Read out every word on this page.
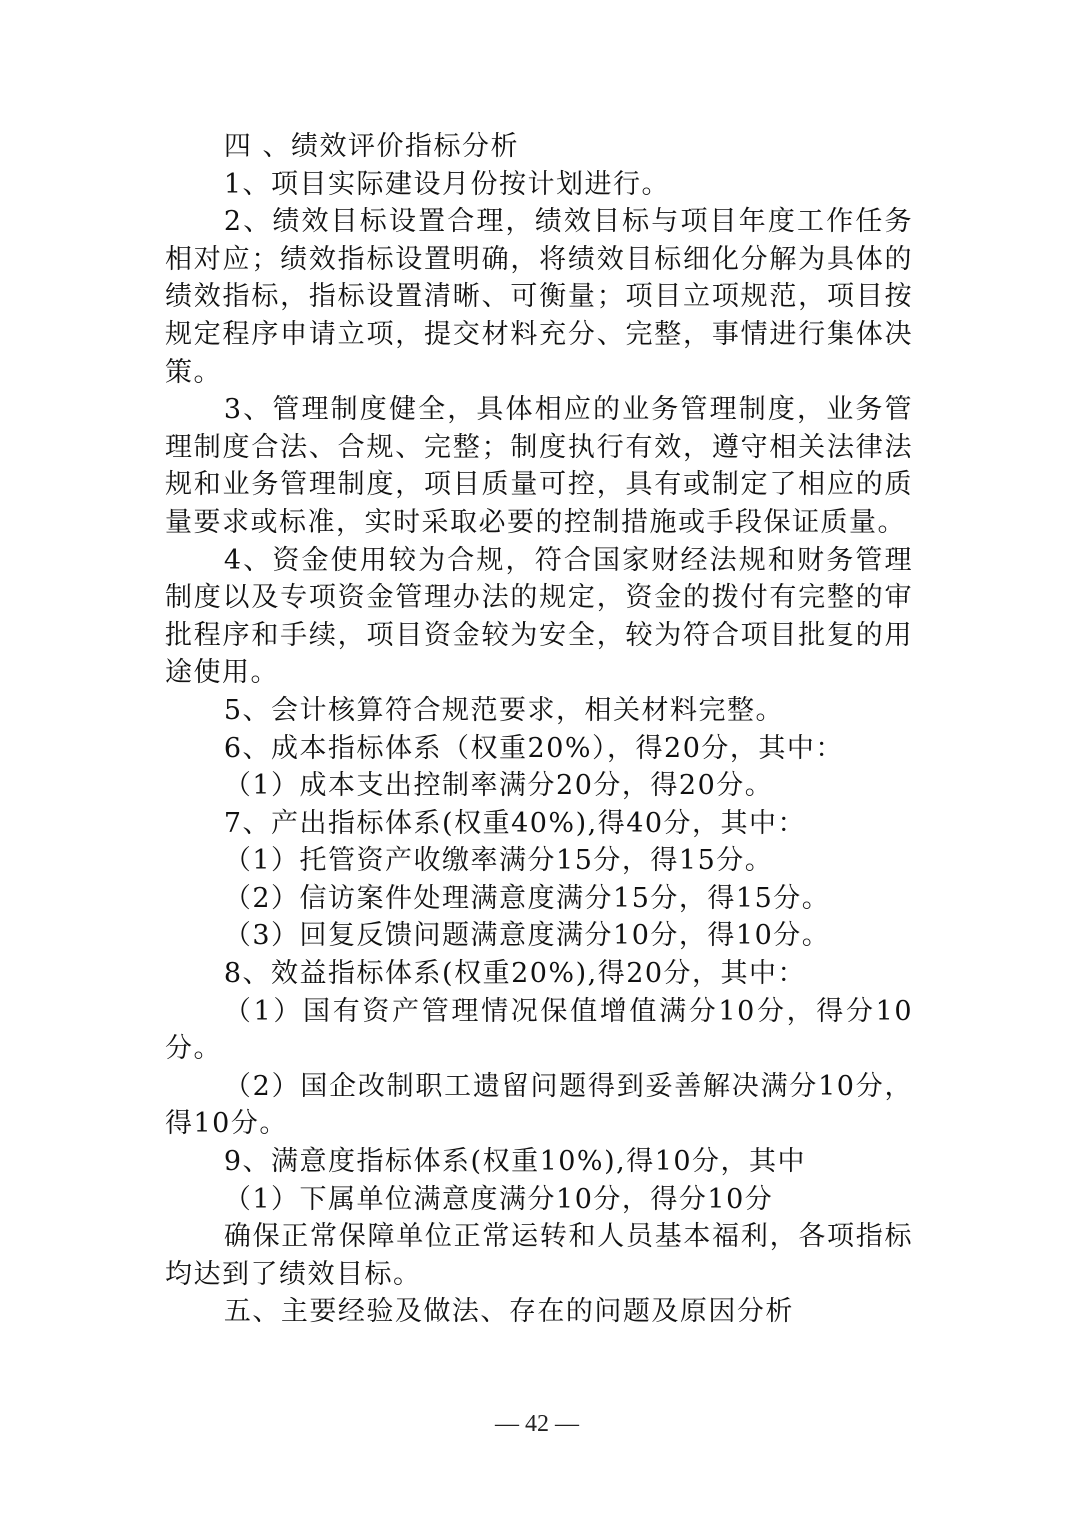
四 、绩效评价指标分析

1、项目实际建设月份按计划进行。

2、绩效目标设置合理，绩效目标与项目年度工作任务相对应；绩效指标设置明确，将绩效目标细化分解为具体的绩效指标，指标设置清晰、可衡量；项目立项规范，项目按规定程序申请立项，提交材料充分、完整，事情进行集体决策。

3、管理制度健全，具体相应的业务管理制度，业务管理制度合法、合规、完整；制度执行有效，遵守相关法律法规和业务管理制度，项目质量可控，具有或制定了相应的质量要求或标准，实时采取必要的控制措施或手段保证质量。

4、资金使用较为合规，符合国家财经法规和财务管理制度以及专项资金管理办法的规定，资金的拨付有完整的审批程序和手续，项目资金较为安全，较为符合项目批复的用途使用。

5、会计核算符合规范要求，相关材料完整。

6、成本指标体系（权重20%），得20分，其中：

（1）成本支出控制率满分20分，得20分。

7、产出指标体系(权重40%),得40分，其中：

（1）托管资产收缴率满分15分，得15分。

（2）信访案件处理满意度满分15分，得15分。

（3）回复反馈问题满意度满分10分，得10分。

8、效益指标体系(权重20%),得20分，其中：

（1）国有资产管理情况保值增值满分10分，得分10分。

（2）国企改制职工遗留问题得到妥善解决满分10分，得10分。

9、满意度指标体系(权重10%),得10分，其中

（1）下属单位满意度满分10分，得分10分

确保正常保障单位正常运转和人员基本福利，各项指标均达到了绩效目标。

五、主要经验及做法、存在的问题及原因分析

— 42 —
